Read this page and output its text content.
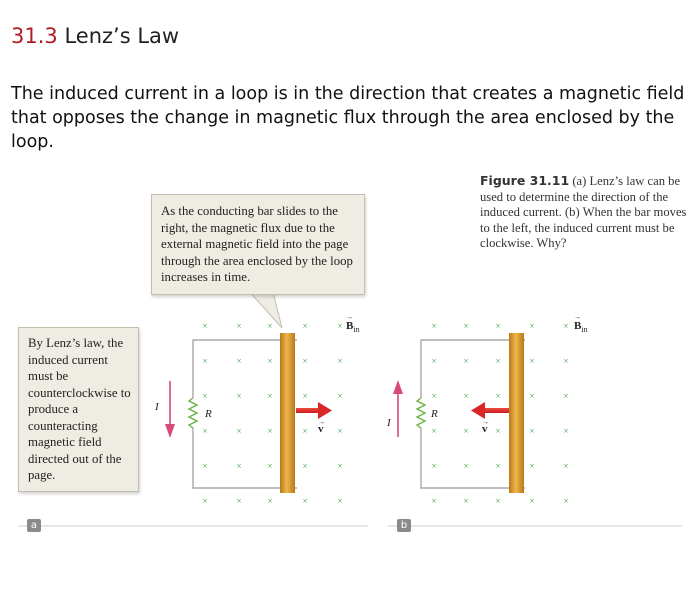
31.3 Lenz’s Law
The induced current in a loop is in the direction that creates a magnetic field that opposes the change in magnetic flux through the area enclosed by the loop.
Figure 31.11 (a) Lenz’s law can be used to determine the direction of the induced current. (b) When the bar moves to the left, the induced current must be clockwise. Why?
×	×	×	×	×
×	×	×	×	×
×	×	×	×	×
×	×	×	×	×
×	×	×	×	×
×	×	×	×	×
R
I
v
→
$B_{in}$
→
×	×	×	×	×
×	×	×	×	×
×	×	×	×	×
×	×	×	×	×
×	×	×	×	×
×	×	×	×	×
R
I	v
→
$B_{in}$
→
As the conducting bar slides to the right, the magnetic flux due to the external magnetic field into the page through the area enclosed by the loop increases in time.
By Lenz’s law, the induced current must be counterclockwise to produce a counteracting magnetic field directed out of the page.
a	b
